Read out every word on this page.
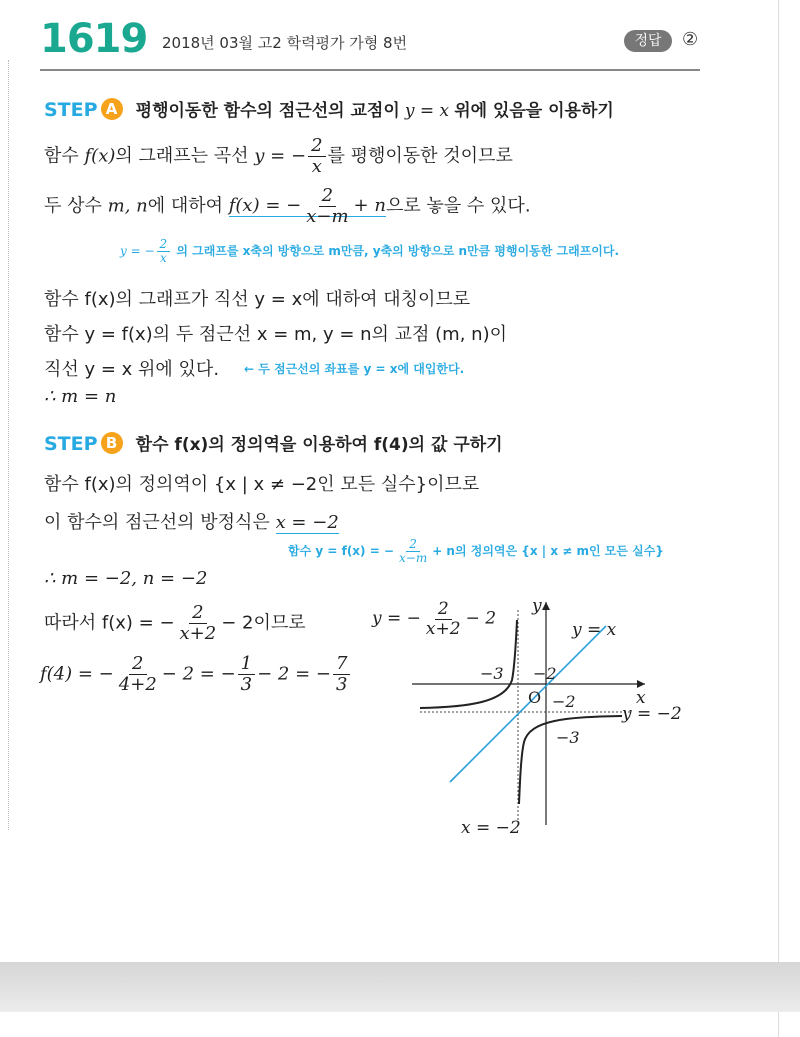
1619 2018년 03월 고2 학력평가 가형 8번	정답	②
STEP A 평행이동한 함수의 점근선의 교점이 y = x 위에 있음을 이용하기
함수 f(x)의 그래프는 곡선 y = − $\frac{2}{x}$ 를 평행이동한 것이므로
두 상수 m, n에 대하여 f(x) = − $\frac{2}{x-m} + n$으로 놓을 수 있다.
y = − $\frac{2}{x}$ 의 그래프를 x축의 방향으로 m만큼, y축의 방향으로 n만큼 평행이동한 그래프이다.
함수 f(x)의 그래프가 직선 y = x에 대하여 대칭이므로
함수 y = f(x)의 두 점근선 x = m, y = n의 교점 (m, n)이
직선 y = x 위에 있다. ← 두 점근선의 좌표를 y = x에 대입한다.
∴ m = n
STEP B 함수 f(x)의 정의역을 이용하여 f(4)의 값 구하기
함수 f(x)의 정의역이 {x | x ≠ −2인 모든 실수}이므로
이 함수의 점근선의 방정식은 x = −2
함수 y = f(x) = − $\frac{2}{x-m} + n$의 정의역은 {x | x ≠ m인 모든 실수}
∴ m = −2, n = −2
따라서 f(x) = − $\frac{2}{x+2} - 2$이므로
f(4) = − $\frac{2}{4+2} - 2$ = − $\frac{1}{3} - 2$ = − $\frac{7}{3}$
y = − $\frac{2}{x+2} - 2$
y
x
y = x
y = −2
x = −2
−3 −2
O −2
−3
